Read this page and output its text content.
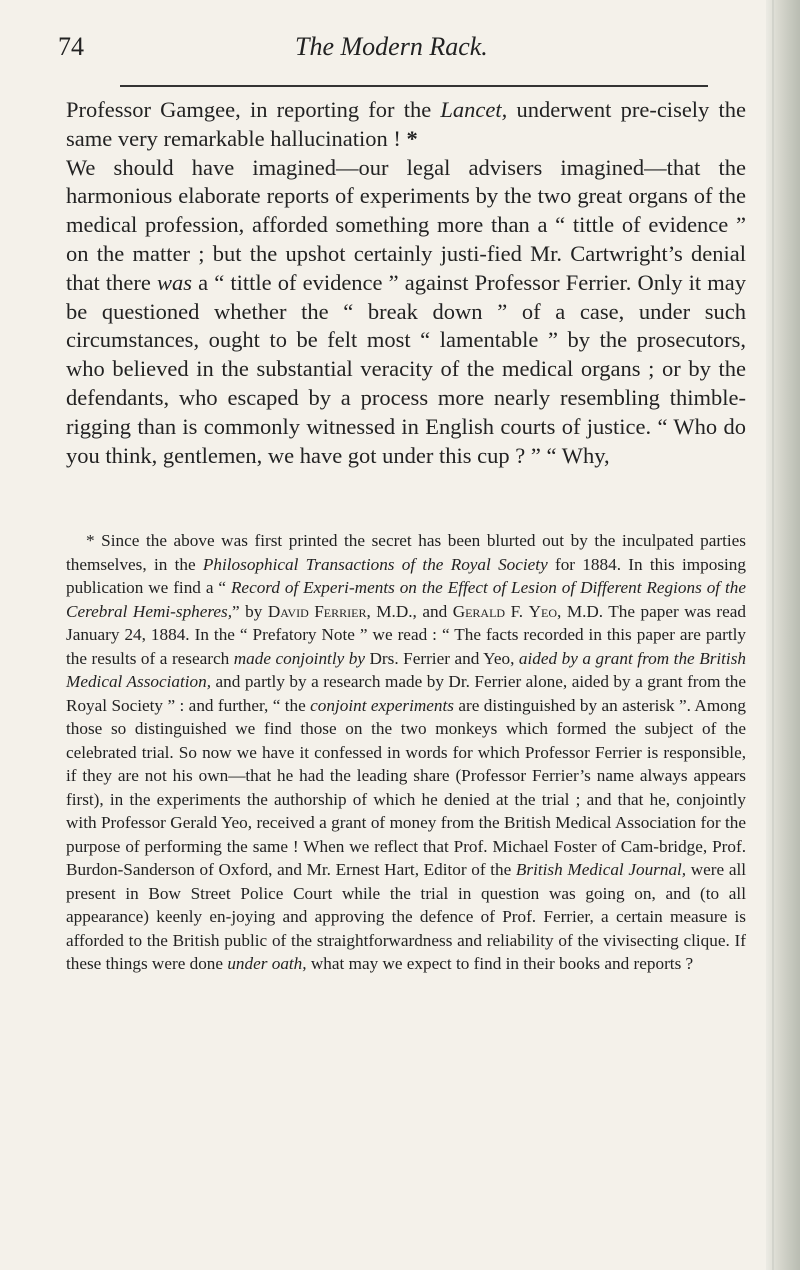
74	The Modern Rack.

Professor Gamgee, in reporting for the Lancet, underwent pre-cisely the same very remarkable hallucination ! *

We should have imagined—our legal advisers imagined—that the harmonious elaborate reports of experiments by the two great organs of the medical profession, afforded something more than a “ tittle of evidence ” on the matter ; but the upshot certainly justi-fied Mr. Cartwright’s denial that there was a “ tittle of evidence ” against Professor Ferrier. Only it may be questioned whether the “ break down ” of a case, under such circumstances, ought to be felt most “ lamentable ” by the prosecutors, who believed in the substantial veracity of the medical organs ; or by the defendants, who escaped by a process more nearly resembling thimble-rigging than is commonly witnessed in English courts of justice. “ Who do you think, gentlemen, we have got under this cup ? ” “ Why,

* Since the above was first printed the secret has been blurted out by the inculpated parties themselves, in the Philosophical Transactions of the Royal Society for 1884. In this imposing publication we find a “ Record of Experi-ments on the Effect of Lesion of Different Regions of the Cerebral Hemi-spheres,” by David Ferrier, M.D., and Gerald F. Yeo, M.D. The paper was read January 24, 1884. In the “ Prefatory Note ” we read : “ The facts recorded in this paper are partly the results of a research made conjointly by Drs. Ferrier and Yeo, aided by a grant from the British Medical Association, and partly by a research made by Dr. Ferrier alone, aided by a grant from the Royal Society ” : and further, “ the conjoint experiments are distinguished by an asterisk ”. Among those so distinguished we find those on the two monkeys which formed the subject of the celebrated trial. So now we have it confessed in words for which Professor Ferrier is responsible, if they are not his own—that he had the leading share (Professor Ferrier’s name always appears first), in the experiments the authorship of which he denied at the trial ; and that he, conjointly with Professor Gerald Yeo, received a grant of money from the British Medical Association for the purpose of performing the same ! When we reflect that Prof. Michael Foster of Cam-bridge, Prof. Burdon-Sanderson of Oxford, and Mr. Ernest Hart, Editor of the British Medical Journal, were all present in Bow Street Police Court while the trial in question was going on, and (to all appearance) keenly en-joying and approving the defence of Prof. Ferrier, a certain measure is afforded to the British public of the straightforwardness and reliability of the vivisecting clique. If these things were done under oath, what may we expect to find in their books and reports ?
